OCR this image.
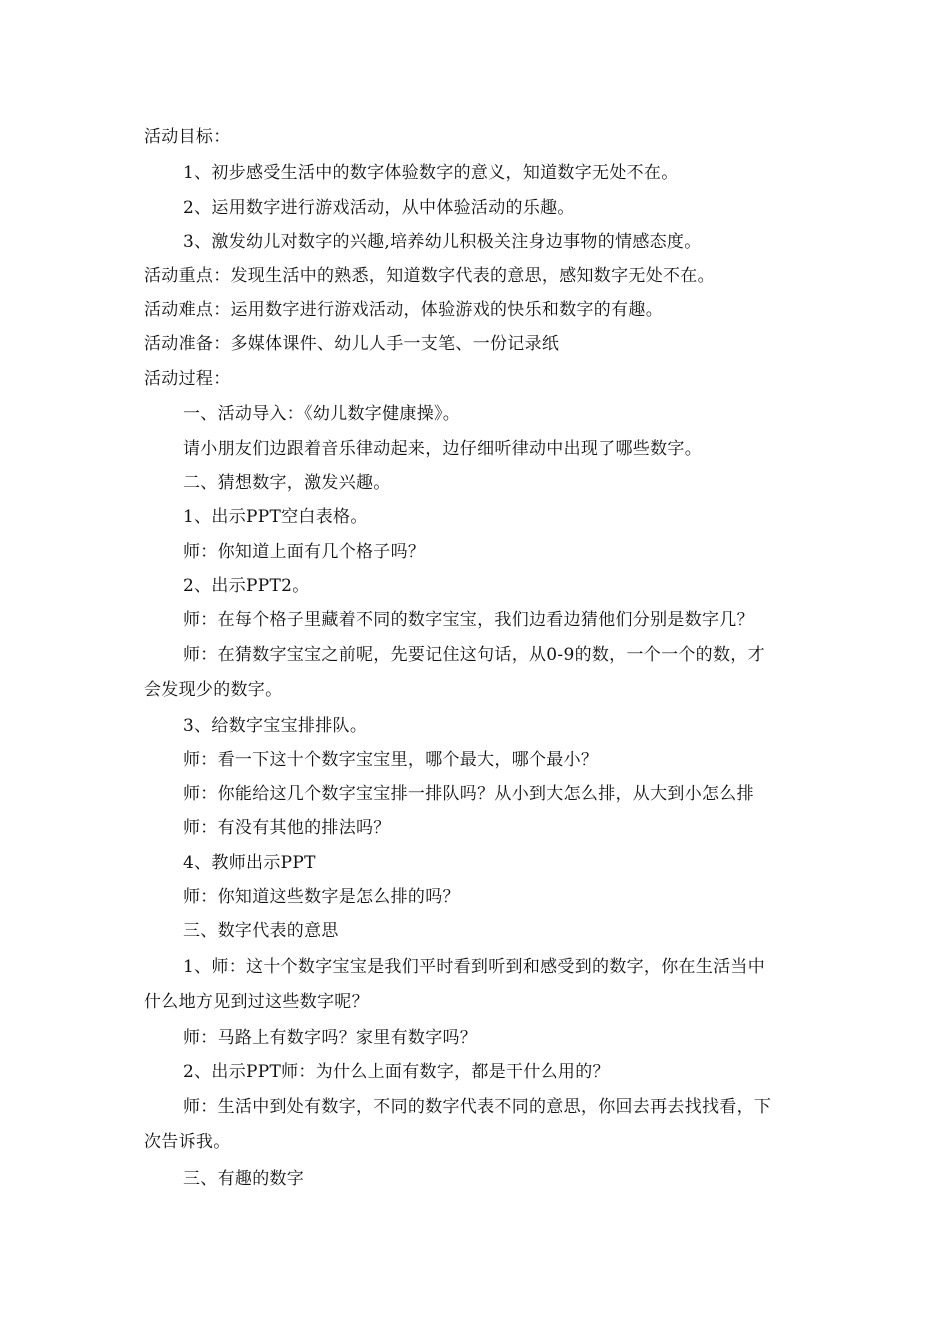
活动目标：
1、初步感受生活中的数字体验数字的意义，知道数字无处不在。
2、运用数字进行游戏活动，从中体验活动的乐趣。
3、激发幼儿对数字的兴趣,培养幼儿积极关注身边事物的情感态度。
活动重点：发现生活中的熟悉，知道数字代表的意思，感知数字无处不在。
活动难点：运用数字进行游戏活动，体验游戏的快乐和数字的有趣。
活动准备：多媒体课件、幼儿人手一支笔、一份记录纸
活动过程：
一、活动导入：《幼儿数字健康操》。
请小朋友们边跟着音乐律动起来，边仔细听律动中出现了哪些数字。
二、猜想数字，激发兴趣。
1、出示PPT空白表格。
师：你知道上面有几个格子吗？
2、出示PPT2。
师：在每个格子里藏着不同的数字宝宝，我们边看边猜他们分别是数字几？
师：在猜数字宝宝之前呢，先要记住这句话，从0-9的数，一个一个的数，才
会发现少的数字。
3、给数字宝宝排排队。
师：看一下这十个数字宝宝里，哪个最大，哪个最小？
师：你能给这几个数字宝宝排一排队吗？从小到大怎么排，从大到小怎么排
师：有没有其他的排法吗？
4、教师出示PPT
师：你知道这些数字是怎么排的吗？
三、数字代表的意思
1、师：这十个数字宝宝是我们平时看到听到和感受到的数字，你在生活当中
什么地方见到过这些数字呢？
师：马路上有数字吗？家里有数字吗？
2、出示PPT师：为什么上面有数字，都是干什么用的？
师：生活中到处有数字，不同的数字代表不同的意思，你回去再去找找看，下
次告诉我。
三、有趣的数字
